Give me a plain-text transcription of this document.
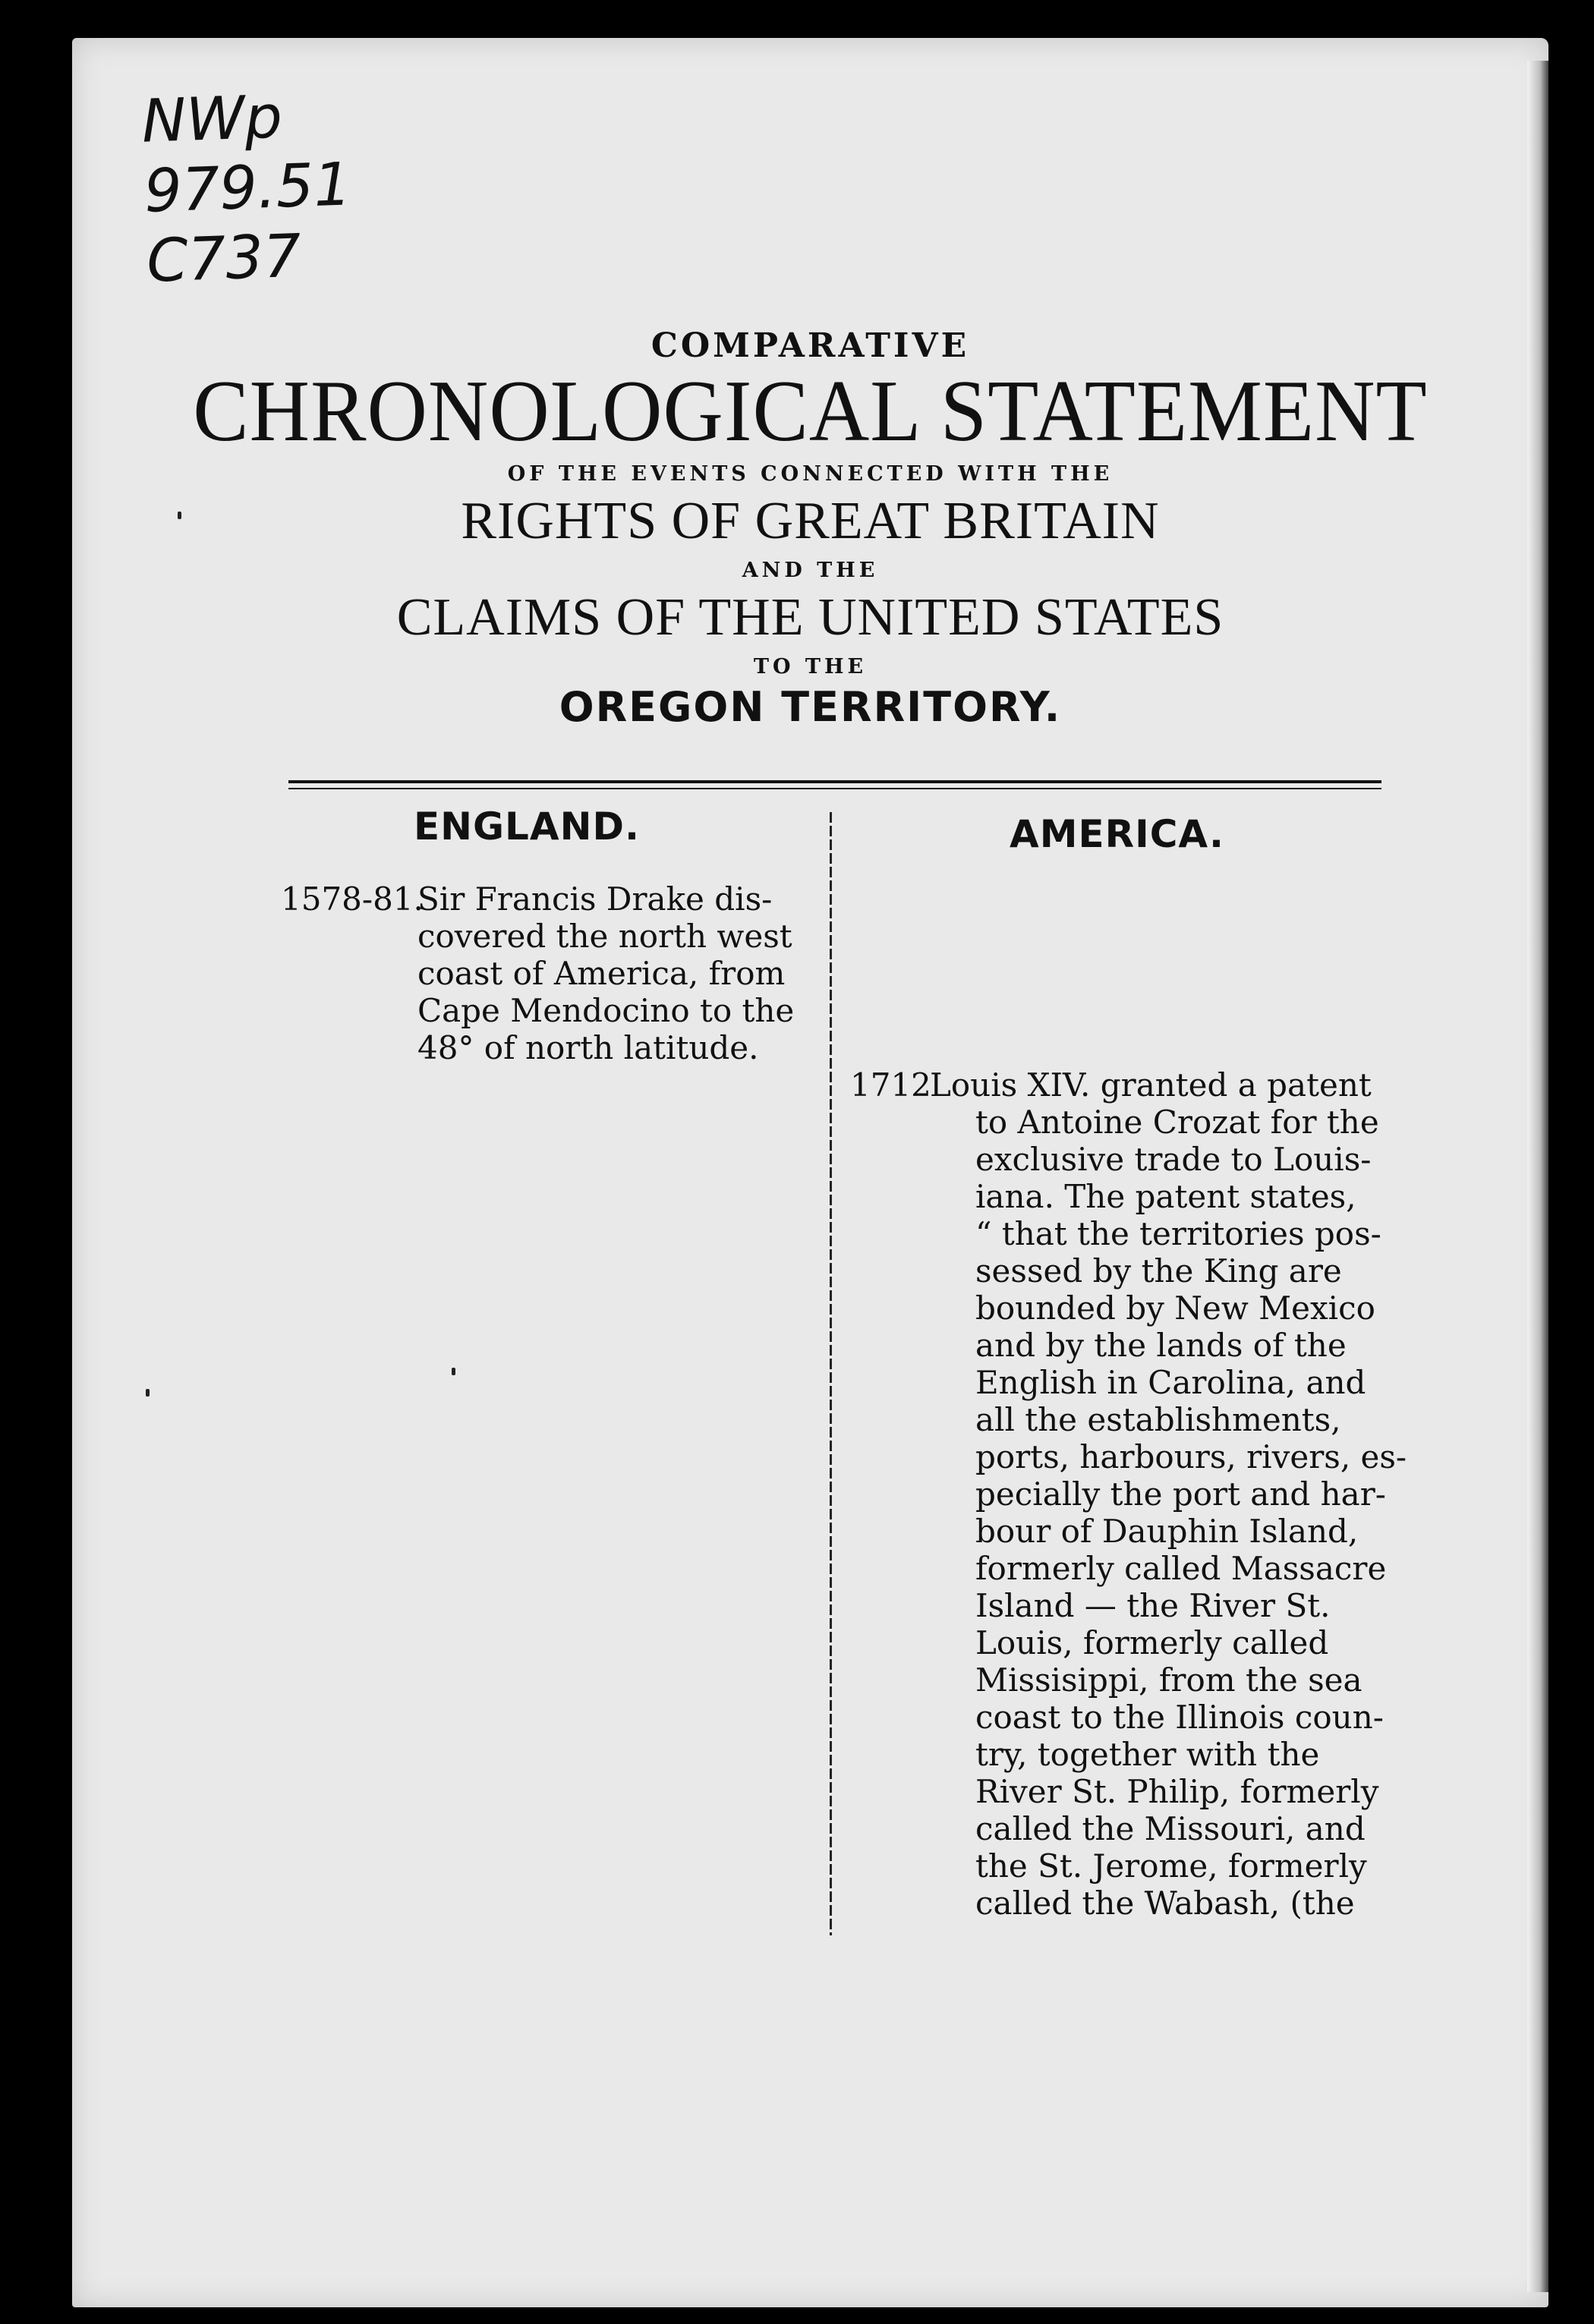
NWp
979.51
C737
COMPARATIVE
CHRONOLOGICAL STATEMENT
OF THE EVENTS CONNECTED WITH THE
RIGHTS OF GREAT BRITAIN
AND THE
CLAIMS OF THE UNITED STATES
TO THE
OREGON TERRITORY.
ENGLAND.	AMERICA.
1578-81.

Sir Francis Drake dis-

covered the north west

coast of America, from

Cape Mendocino to the

48° of north latitude.

1712
Louis XIV. granted a patent

to Antoine Crozat for the

exclusive trade to Louis-

iana. The patent states,

“ that the territories pos-

sessed by the King are

bounded by New Mexico

and by the lands of the

English in Carolina, and

all the establishments,

ports, harbours, rivers, es-

pecially the port and har-

bour of Dauphin Island,

formerly called Massacre

Island — the River St.

Louis, formerly called

Missisippi, from the sea

coast to the Illinois coun-

try, together with the

River St. Philip, formerly

called the Missouri, and

the St. Jerome, formerly

called the Wabash, (the
